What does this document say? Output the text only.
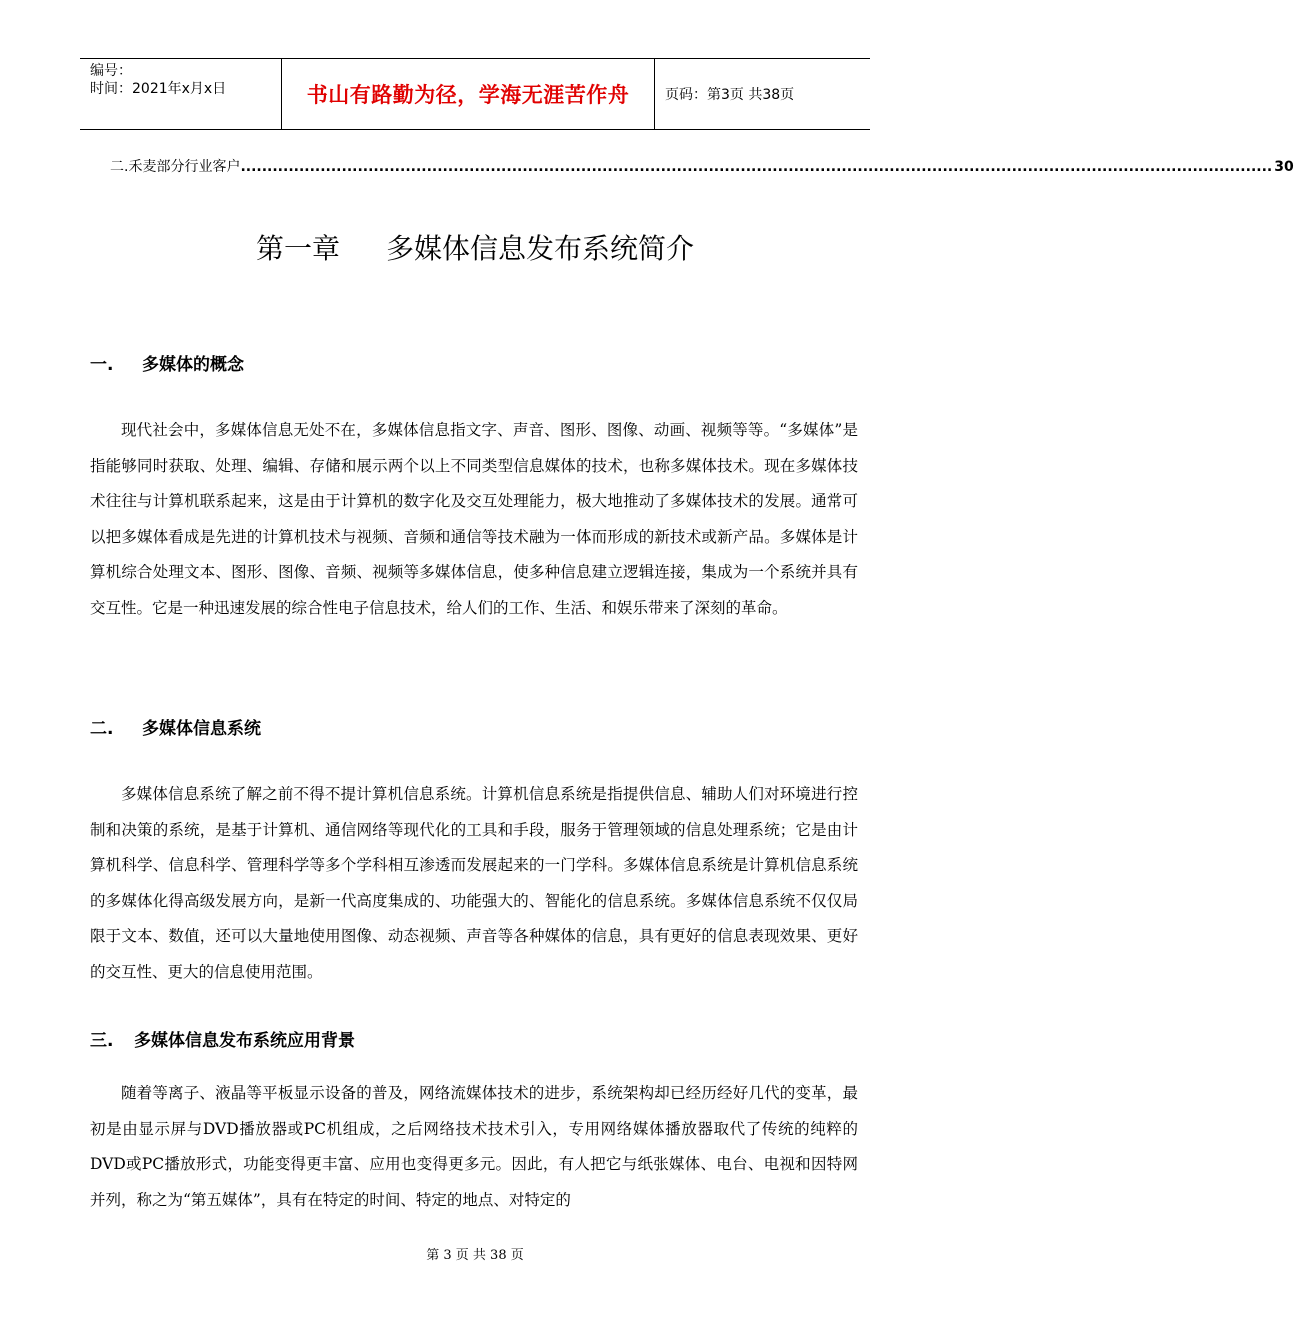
编号：
时间：2021年x月x日	书山有路勤为径，学海无涯苦作舟	页码：第3页 共38页
二. 禾麦部分行业客户 .................................................................................................................................................................................................. 30
第一章 多媒体信息发布系统简介
一. 多媒体的概念
现代社会中，多媒体信息无处不在，多媒体信息指文字、声音、图形、图像、动画、视频等等。“多媒体”是指能够同时获取、处理、编辑、存储和展示两个以上不同类型信息媒体的技术，也称多媒体技术。现在多媒体技术往往与计算机联系起来，这是由于计算机的数字化及交互处理能力，极大地推动了多媒体技术的发展。通常可以把多媒体看成是先进的计算机技术与视频、音频和通信等技术融为一体而形成的新技术或新产品。多媒体是计算机综合处理文本、图形、图像、音频、视频等多媒体信息，使多种信息建立逻辑连接，集成为一个系统并具有交互性。它是一种迅速发展的综合性电子信息技术，给人们的工作、生活、和娱乐带来了深刻的革命。
二. 多媒体信息系统
多媒体信息系统了解之前不得不提计算机信息系统。计算机信息系统是指提供信息、辅助人们对环境进行控制和决策的系统，是基于计算机、通信网络等现代化的工具和手段，服务于管理领域的信息处理系统；它是由计算机科学、信息科学、管理科学等多个学科相互渗透而发展起来的一门学科。多媒体信息系统是计算机信息系统的多媒体化得高级发展方向，是新一代高度集成的、功能强大的、智能化的信息系统。多媒体信息系统不仅仅局限于文本、数值，还可以大量地使用图像、动态视频、声音等各种媒体的信息，具有更好的信息表现效果、更好的交互性、更大的信息使用范围。
三. 多媒体信息发布系统应用背景
随着等离子、液晶等平板显示设备的普及，网络流媒体技术的进步，系统架构却已经历经好几代的变革，最初是由显示屏与DVD播放器或PC机组成，之后网络技术技术引入，专用网络媒体播放器取代了传统的纯粹的DVD或PC播放形式，功能变得更丰富、应用也变得更多元。因此，有人把它与纸张媒体、电台、电视和因特网并列，称之为“第五媒体”，具有在特定的时间、特定的地点、对特定的
第 3 页 共 38 页
